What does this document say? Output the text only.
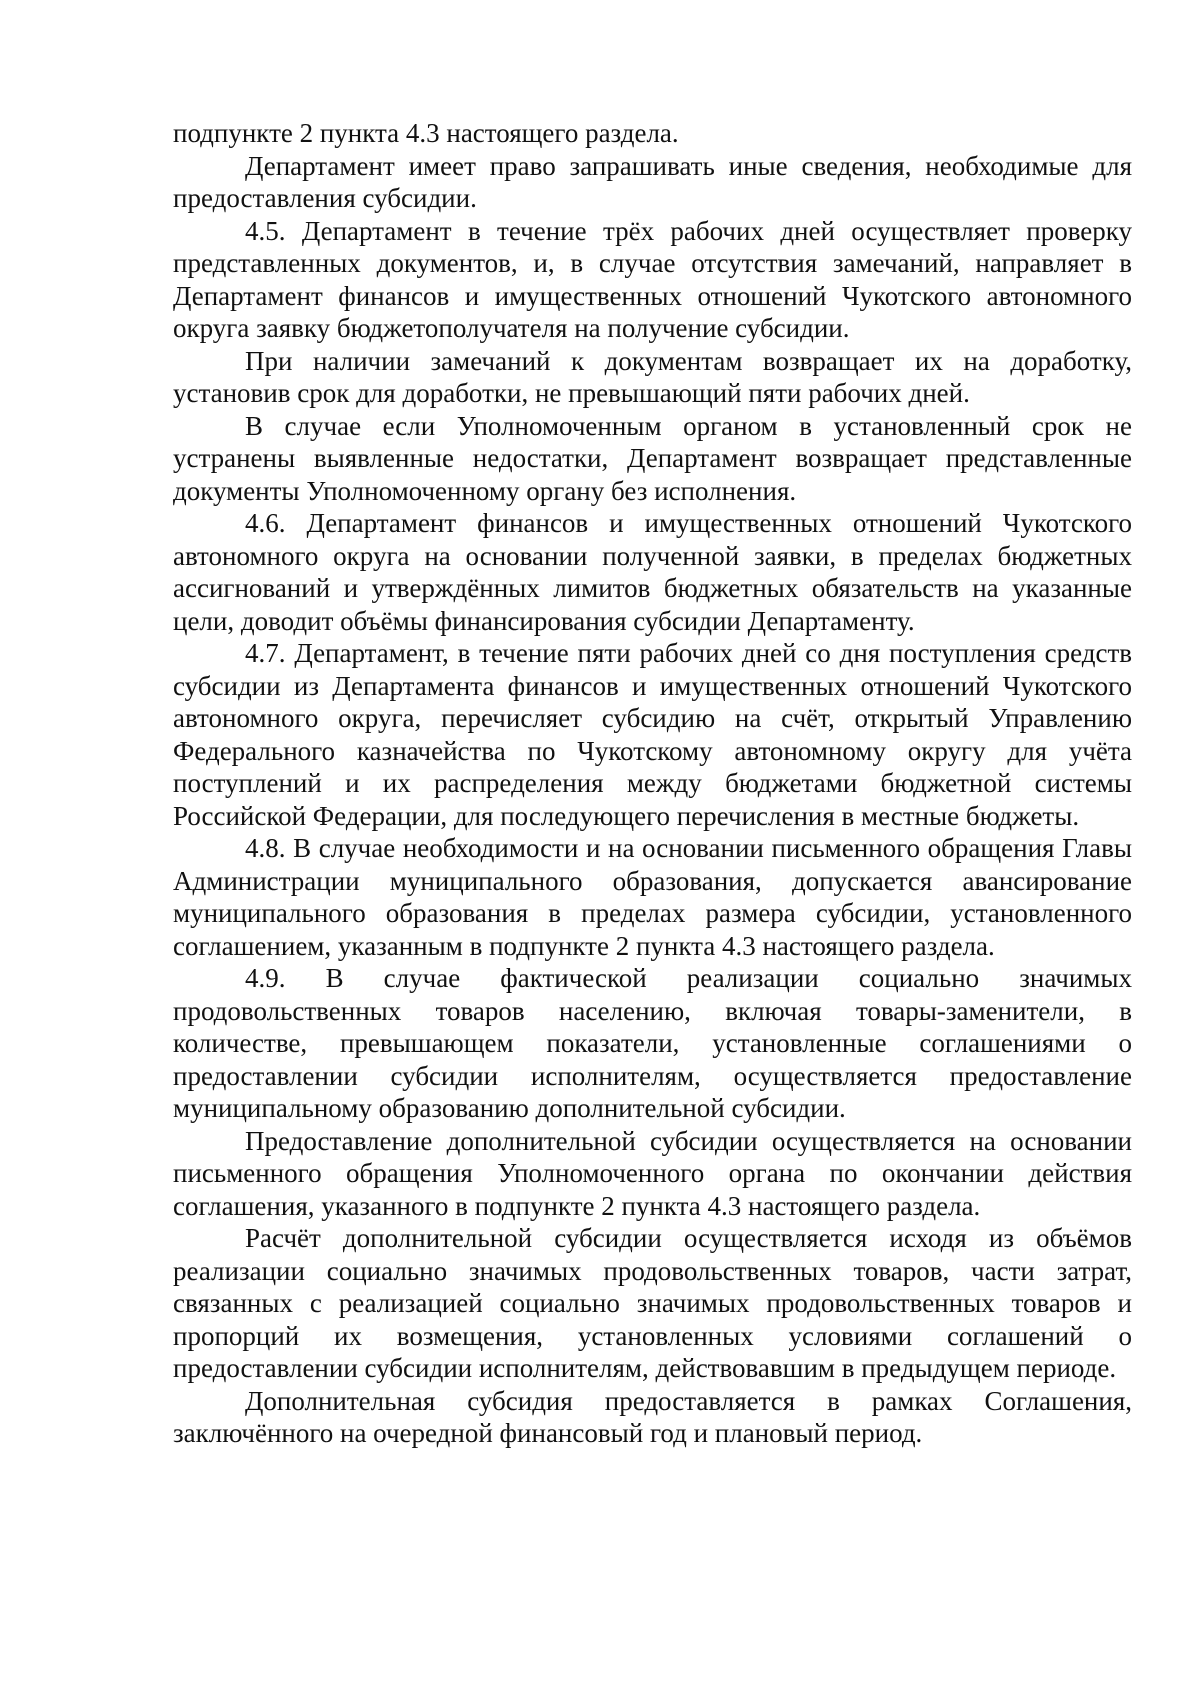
подпункте 2 пункта 4.3 настоящего раздела.

Департамент имеет право запрашивать иные сведения, необходимые для предоставления субсидии.

4.5. Департамент в течение трёх рабочих дней осуществляет проверку представленных документов, и, в случае отсутствия замечаний, направляет в Департамент финансов и имущественных отношений Чукотского автономного округа заявку бюджетополучателя на получение субсидии.

При наличии замечаний к документам возвращает их на доработку, установив срок для доработки, не превышающий пяти рабочих дней.

В случае если Уполномоченным органом в установленный срок не устранены выявленные недостатки, Департамент возвращает представленные документы Уполномоченному органу без исполнения.

4.6. Департамент финансов и имущественных отношений Чукотского автономного округа на основании полученной заявки, в пределах бюджетных ассигнований и утверждённых лимитов бюджетных обязательств на указанные цели, доводит объёмы финансирования субсидии Департаменту.

4.7. Департамент, в течение пяти рабочих дней со дня поступления средств субсидии из Департамента финансов и имущественных отношений Чукотского автономного округа, перечисляет субсидию на счёт, открытый Управлению Федерального казначейства по Чукотскому автономному округу для учёта поступлений и их распределения между бюджетами бюджетной системы Российской Федерации, для последующего перечисления в местные бюджеты.

4.8. В случае необходимости и на основании письменного обращения Главы Администрации муниципального образования, допускается авансирование муниципального образования в пределах размера субсидии, установленного соглашением, указанным в подпункте 2 пункта 4.3 настоящего раздела.

4.9. В случае фактической реализации социально значимых продовольственных товаров населению, включая товары-заменители, в количестве, превышающем показатели, установленные соглашениями о предоставлении субсидии исполнителям, осуществляется предоставление муниципальному образованию дополнительной субсидии.

Предоставление дополнительной субсидии осуществляется на основании письменного обращения Уполномоченного органа по окончании действия соглашения, указанного в подпункте 2 пункта 4.3 настоящего раздела.

Расчёт дополнительной субсидии осуществляется исходя из объёмов реализации социально значимых продовольственных товаров, части затрат, связанных с реализацией социально значимых продовольственных товаров и пропорций их возмещения, установленных условиями соглашений о предоставлении субсидии исполнителям, действовавшим в предыдущем периоде.

Дополнительная субсидия предоставляется в рамках Соглашения, заключённого на очередной финансовый год и плановый период.
